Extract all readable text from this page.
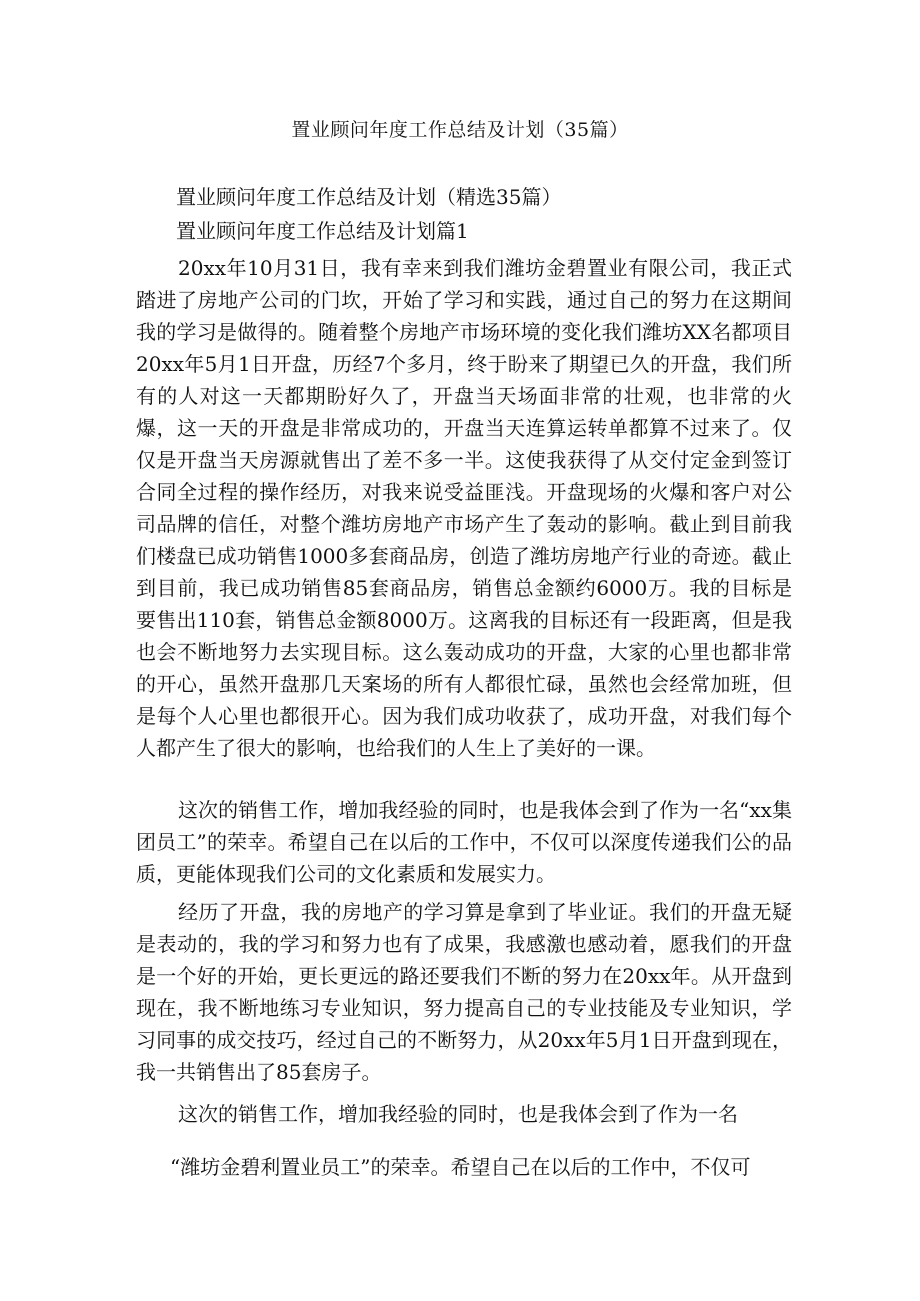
置业顾问年度工作总结及计划（35篇）
置业顾问年度工作总结及计划（精选35篇）
置业顾问年度工作总结及计划篇1

20xx年10月31日，我有幸来到我们潍坊金碧置业有限公司，我正式踏进了房地产公司的门坎，开始了学习和实践，通过自己的努力在这期间我的学习是做得的。随着整个房地产市场环境的变化我们潍坊XX名都项目20xx年5月1日开盘，历经7个多月，终于盼来了期望已久的开盘，我们所有的人对这一天都期盼好久了，开盘当天场面非常的壮观，也非常的火爆，这一天的开盘是非常成功的，开盘当天连算运转单都算不过来了。仅仅是开盘当天房源就售出了差不多一半。这使我获得了从交付定金到签订合同全过程的操作经历，对我来说受益匪浅。开盘现场的火爆和客户对公司品牌的信任，对整个潍坊房地产市场产生了轰动的影响。截止到目前我们楼盘已成功销售1000多套商品房，创造了潍坊房地产行业的奇迹。截止到目前，我已成功销售85套商品房，销售总金额约6000万。我的目标是要售出110套，销售总金额8000万。这离我的目标还有一段距离，但是我也会不断地努力去实现目标。这么轰动成功的开盘，大家的心里也都非常的开心，虽然开盘那几天案场的所有人都很忙碌，虽然也会经常加班，但是每个人心里也都很开心。因为我们成功收获了，成功开盘，对我们每个人都产生了很大的影响，也给我们的人生上了美好的一课。

这次的销售工作，增加我经验的同时，也是我体会到了作为一名“xx集团员工”的荣幸。希望自己在以后的工作中，不仅可以深度传递我们公的品质，更能体现我们公司的文化素质和发展实力。

经历了开盘，我的房地产的学习算是拿到了毕业证。我们的开盘无疑是表动的，我的学习和努力也有了成果，我感激也感动着，愿我们的开盘是一个好的开始，更长更远的路还要我们不断的努力在20xx年。从开盘到现在，我不断地练习专业知识，努力提高自己的专业技能及专业知识，学习同事的成交技巧，经过自己的不断努力，从20xx年5月1日开盘到现在，我一共销售出了85套房子。

这次的销售工作，增加我经验的同时，也是我体会到了作为一名

“潍坊金碧利置业员工”的荣幸。希望自己在以后的工作中，不仅可
